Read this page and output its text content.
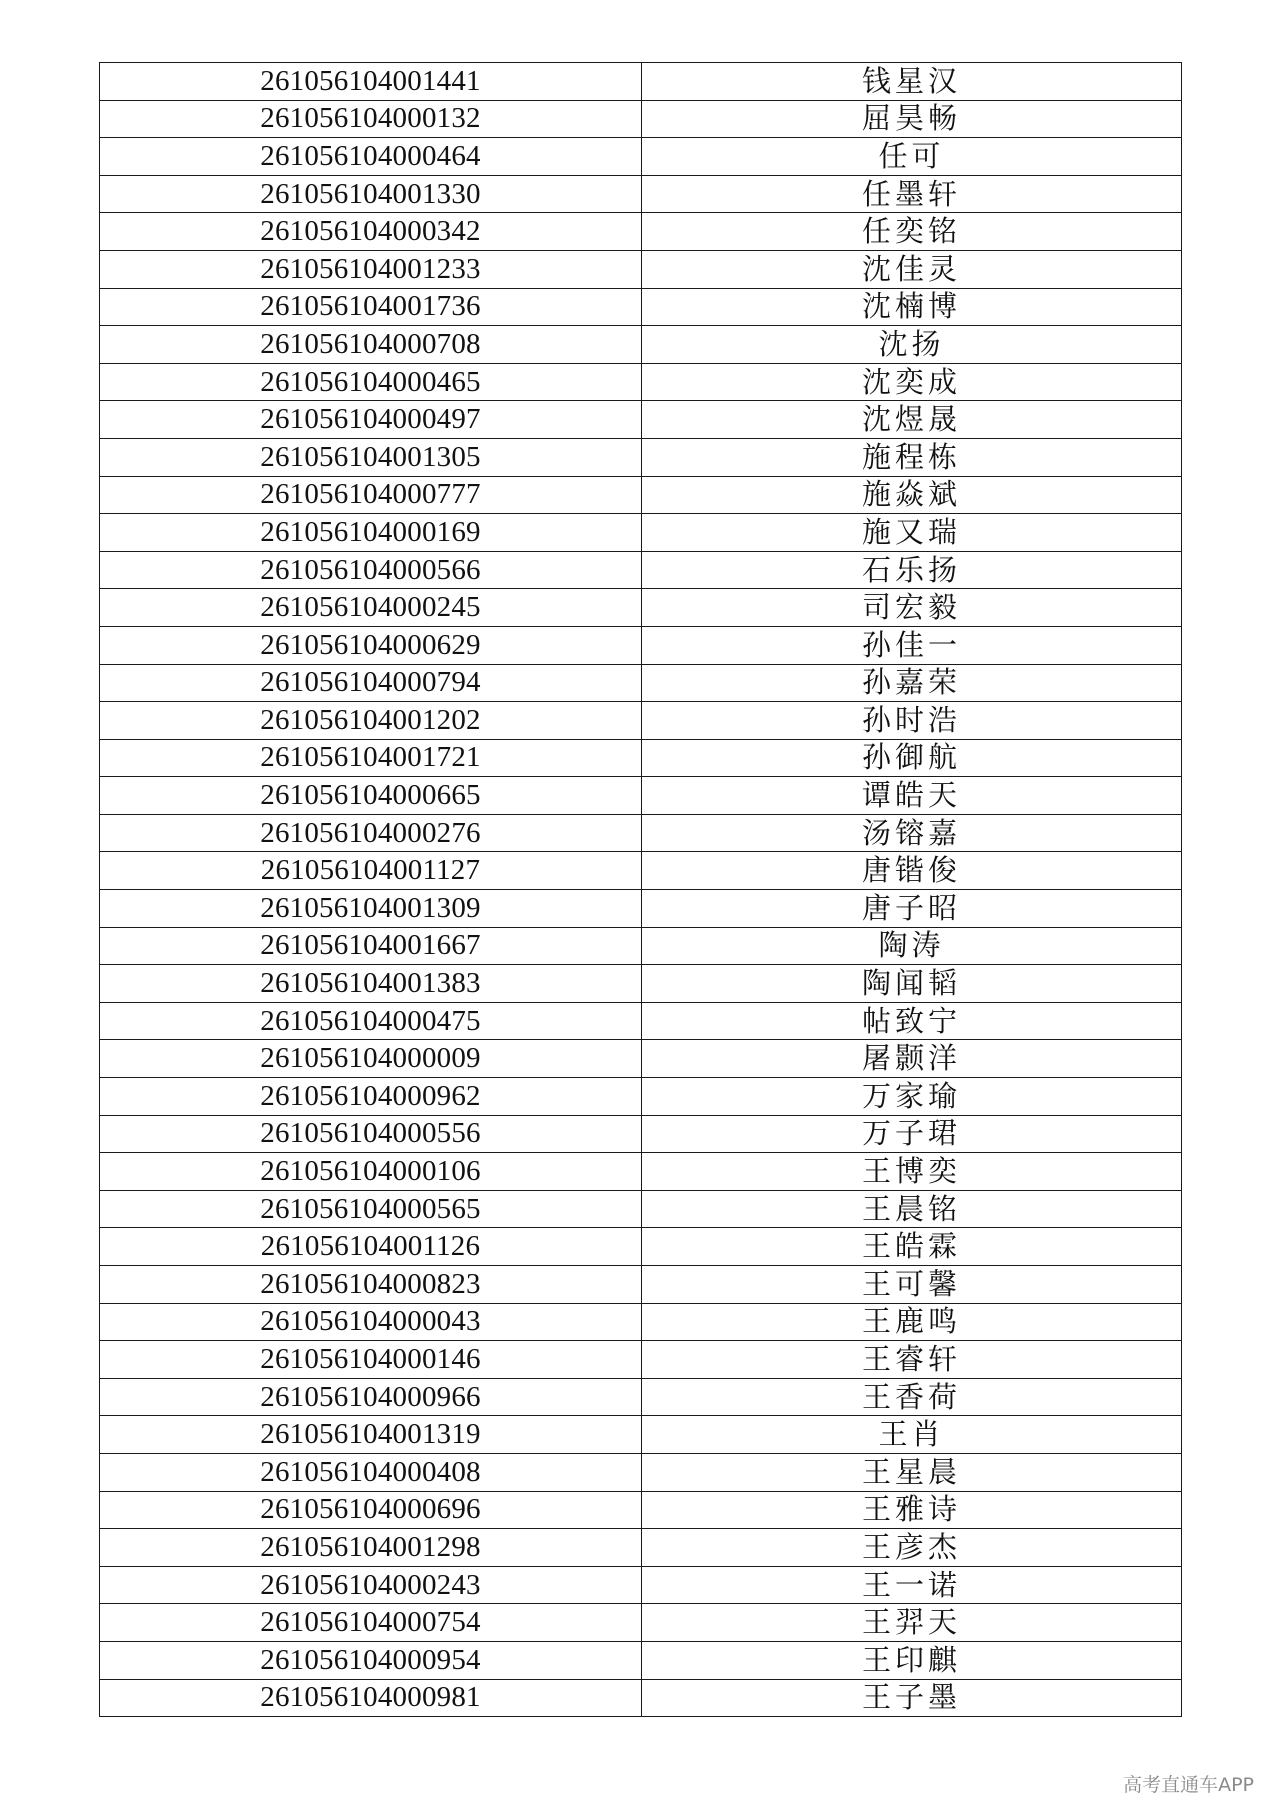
261056104001441	钱星汉
261056104000132	屈昊畅
261056104000464	任可
261056104001330	任墨轩
261056104000342	任奕铭
261056104001233	沈佳灵
261056104001736	沈楠博
261056104000708	沈扬
261056104000465	沈奕成
261056104000497	沈煜晟
261056104001305	施程栋
261056104000777	施焱斌
261056104000169	施又瑞
261056104000566	石乐扬
261056104000245	司宏毅
261056104000629	孙佳一
261056104000794	孙嘉荣
261056104001202	孙时浩
261056104001721	孙御航
261056104000665	谭皓天
261056104000276	汤镕嘉
261056104001127	唐锴俊
261056104001309	唐子昭
261056104001667	陶涛
261056104001383	陶闻韬
261056104000475	帖致宁
261056104000009	屠颢洋
261056104000962	万家瑜
261056104000556	万子珺
261056104000106	王博奕
261056104000565	王晨铭
261056104001126	王皓霖
261056104000823	王可馨
261056104000043	王鹿鸣
261056104000146	王睿轩
261056104000966	王香荷
261056104001319	王肖
261056104000408	王星晨
261056104000696	王雅诗
261056104001298	王彦杰
261056104000243	王一诺
261056104000754	王羿天
261056104000954	王印麒
261056104000981	王子墨
高考直通车APP
